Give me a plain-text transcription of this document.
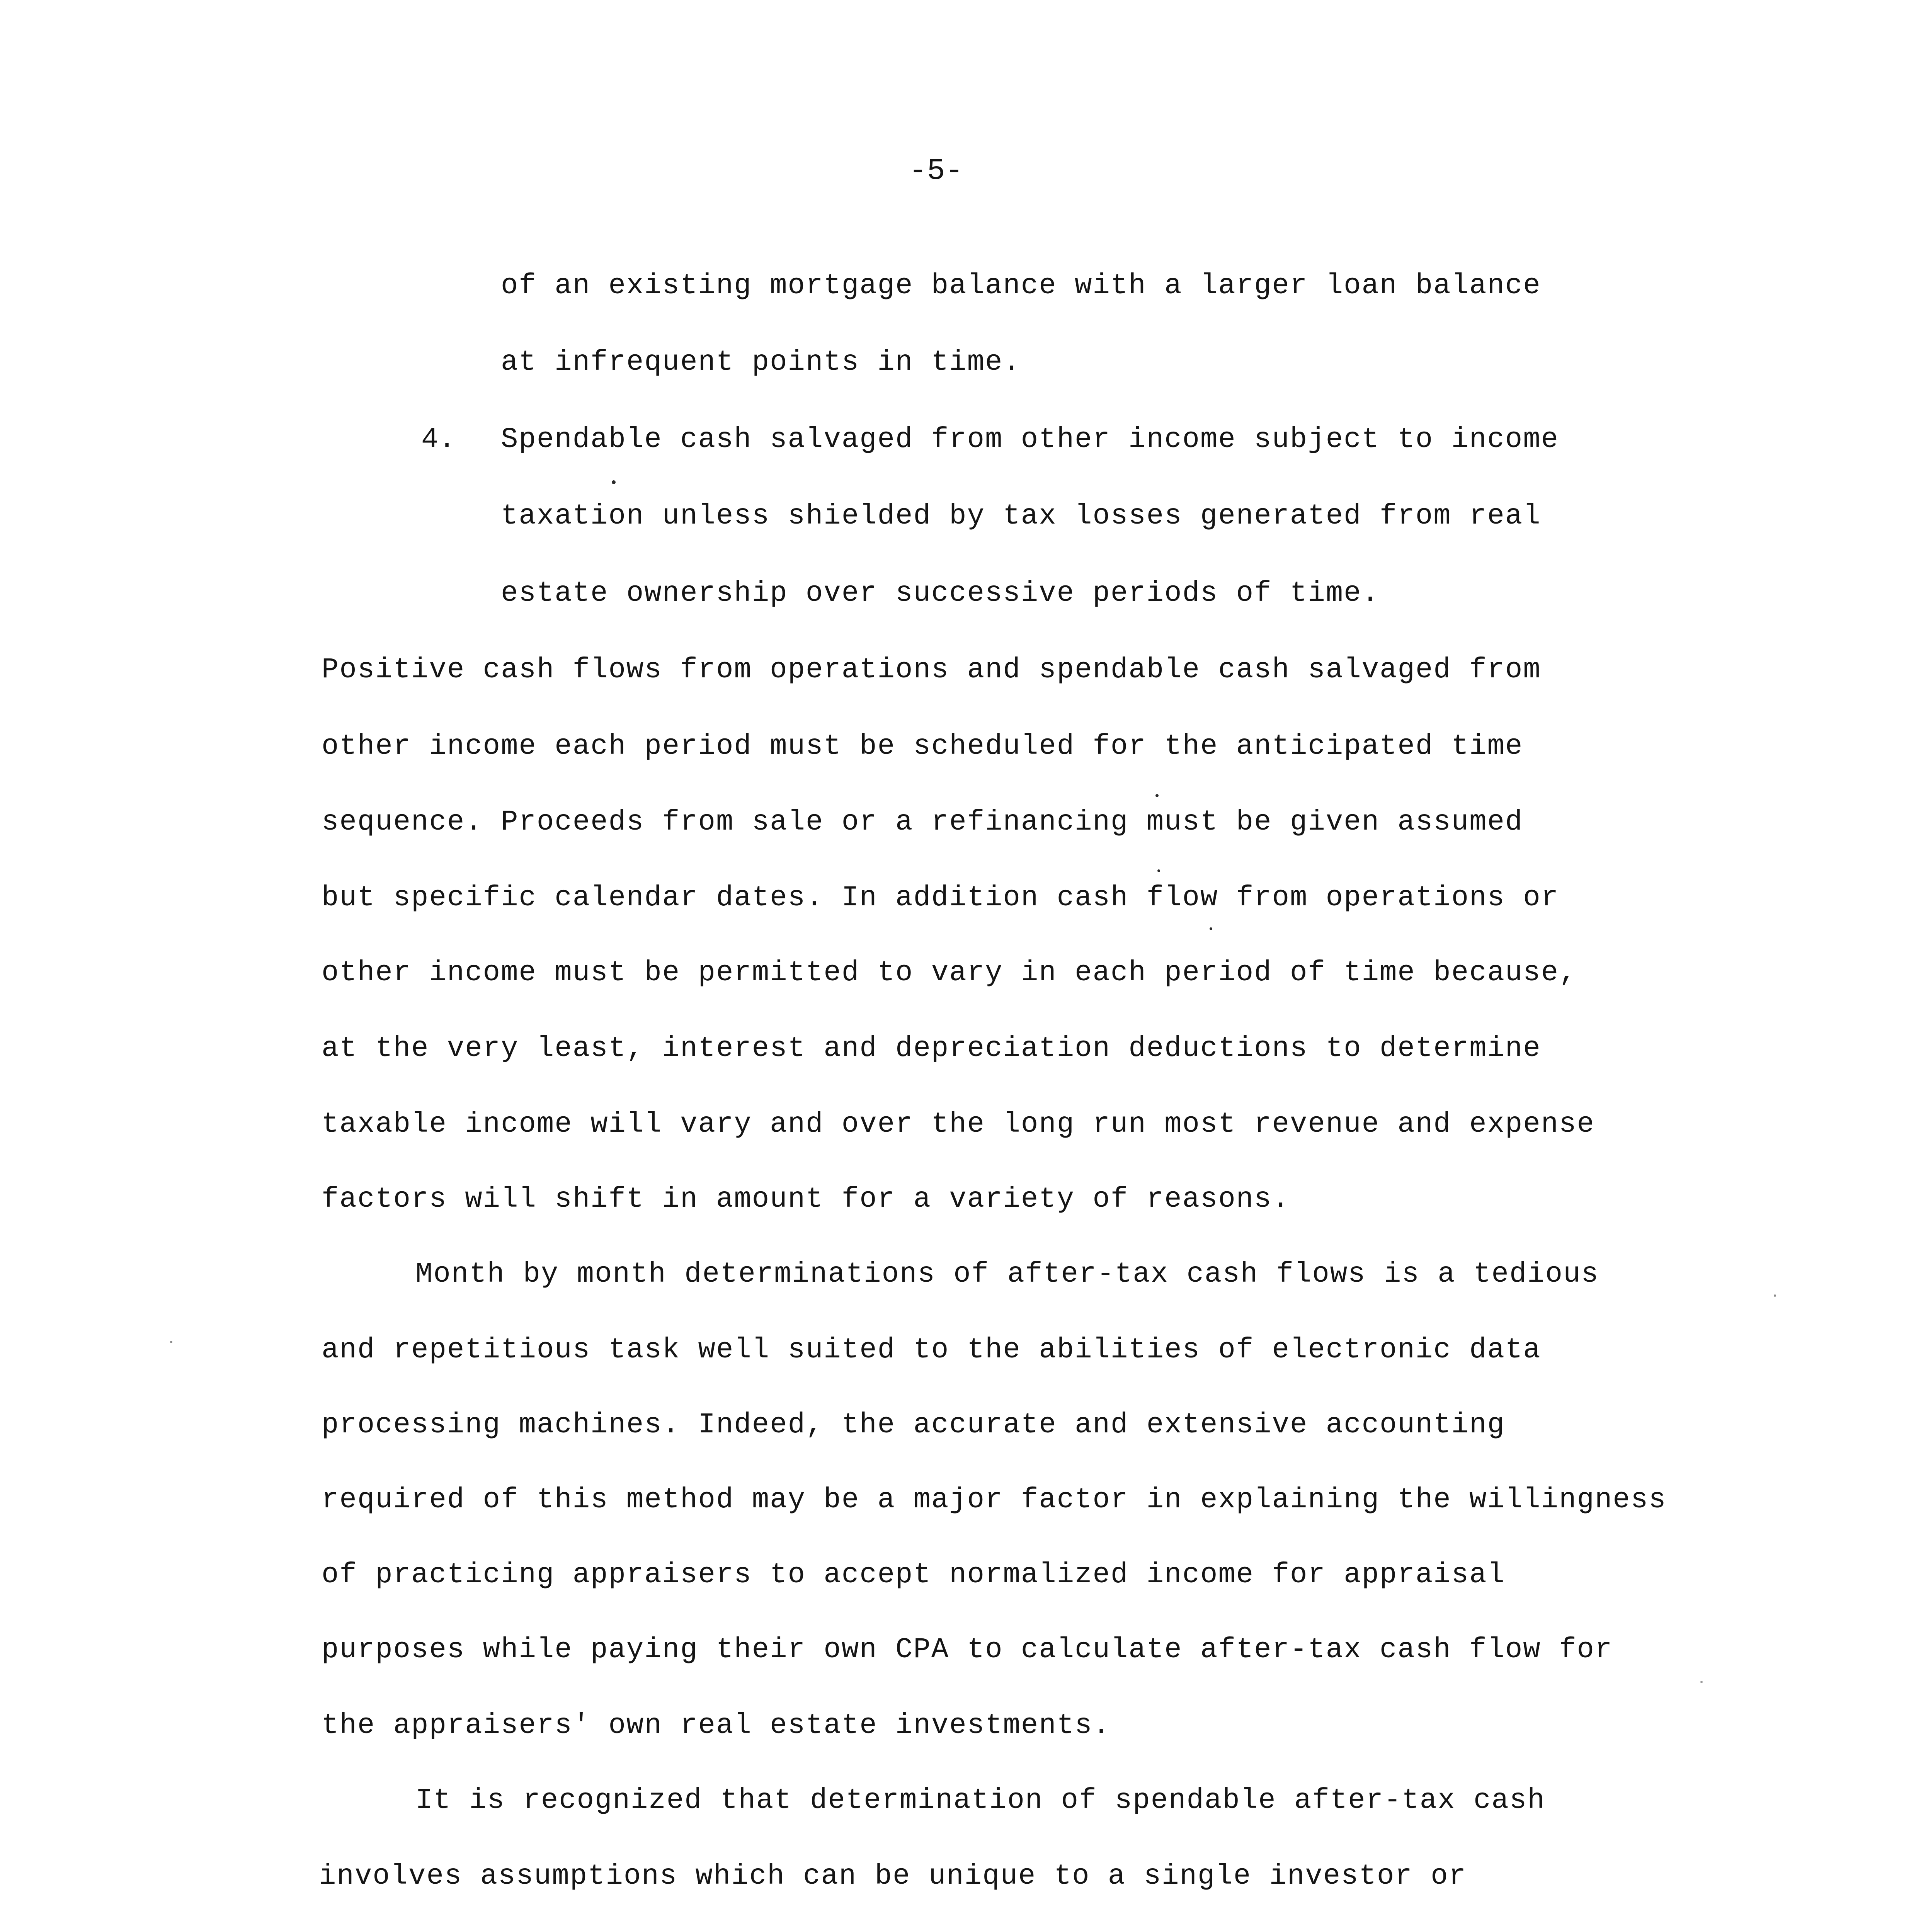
-5-
of an existing mortgage balance with a larger loan balance
at infrequent points in time.
4. Spendable cash salvaged from other income subject to income
taxation unless shielded by tax losses generated from real
estate ownership over successive periods of time.
Positive cash flows from operations and spendable cash salvaged from
other income each period must be scheduled for the anticipated time
sequence. Proceeds from sale or a refinancing must be given assumed
but specific calendar dates. In addition cash flow from operations or
other income must be permitted to vary in each period of time because,
at the very least, interest and depreciation deductions to determine
taxable income will vary and over the long run most revenue and expense
factors will shift in amount for a variety of reasons.
Month by month determinations of after-tax cash flows is a tedious
and repetitious task well suited to the abilities of electronic data
processing machines. Indeed, the accurate and extensive accounting
required of this method may be a major factor in explaining the willingness
of practicing appraisers to accept normalized income for appraisal
purposes while paying their own CPA to calculate after-tax cash flow for
the appraisers' own real estate investments.
It is recognized that determination of spendable after-tax cash
involves assumptions which can be unique to a single investor or
